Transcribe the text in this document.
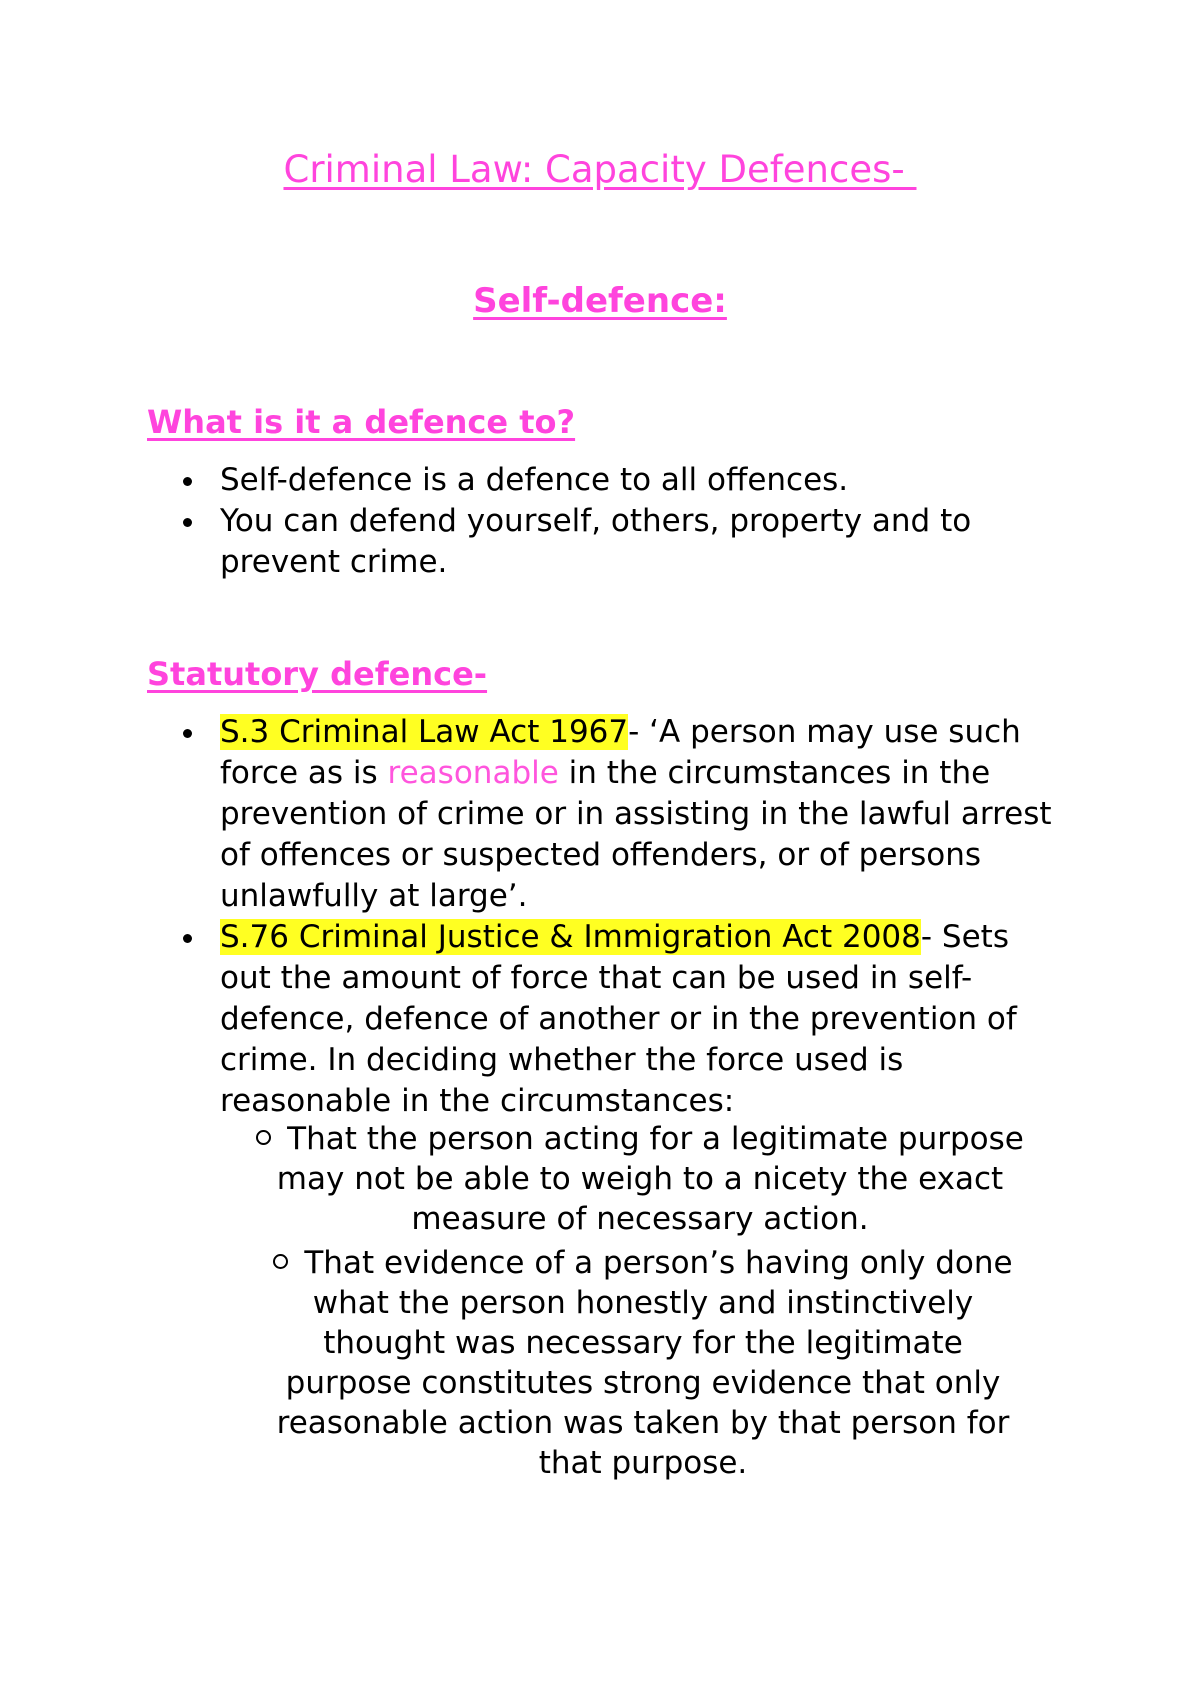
Criminal Law: Capacity Defences-
Self-defence:
What is it a defence to?
Self-defence is a defence to all offences.
You can defend yourself, others, property and to prevent crime.
Statutory defence-
S.3 Criminal Law Act 1967- ‘A person may use such force as is reasonable in the circumstances in the prevention of crime or in assisting in the lawful arrest of offences or suspected offenders, or of persons unlawfully at large’.
S.76 Criminal Justice & Immigration Act 2008- Sets out the amount of force that can be used in self-defence, defence of another or in the prevention of crime. In deciding whether the force used is reasonable in the circumstances:
That the person acting for a legitimate purpose
may not be able to weigh to a nicety the exact
measure of necessary action.
That evidence of a person’s having only done
what the person honestly and instinctively
thought was necessary for the legitimate
purpose constitutes strong evidence that only
reasonable action was taken by that person for
that purpose.
